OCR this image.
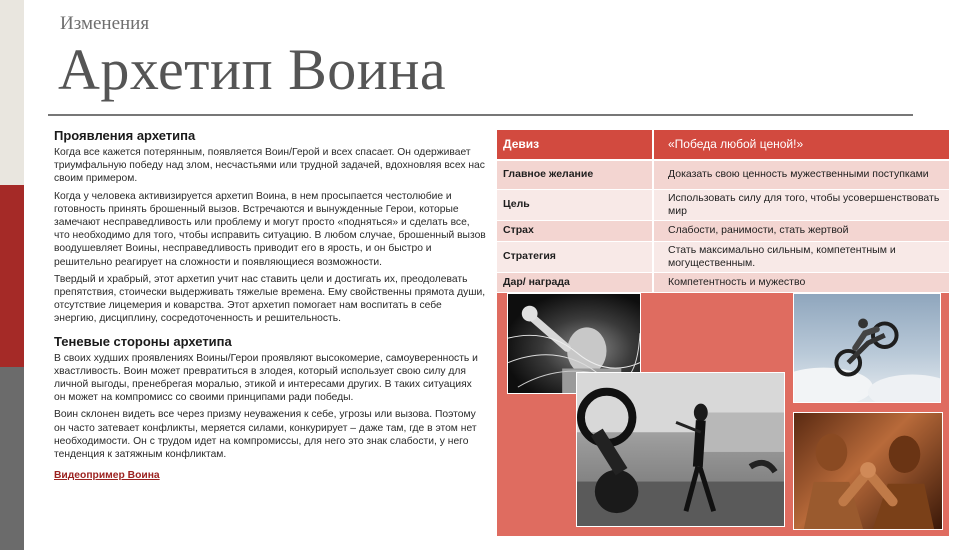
Изменения
Архетип Воина
Проявления архетипа

Когда все кажется потерянным, появляется Воин/Герой и всех спасает. Он одерживает триумфальную победу над злом, несчастьями или трудной задачей, вдохновляя всех нас своим примером.

Когда у человека активизируется архетип Воина, в нем просыпается честолюбие и готовность принять брошенный вызов. Встречаются и вынужденные Герои, которые замечают несправедливость или проблему и могут просто «подняться» и сделать все, что необходимо для того, чтобы исправить ситуацию. В любом случае, брошенный вызов воодушевляет Воины, несправедливость приводит его в ярость, и он быстро и решительно реагирует на сложности и появляющиеся возможности.

Твердый и храбрый, этот архетип учит нас ставить цели и достигать их, преодолевать препятствия, стоически выдерживать тяжелые времена. Ему свойственны прямота души, отсутствие лицемерия и коварства. Этот архетип помогает нам воспитать в себе энергию, дисциплину, сосредоточенность и решительность.

Теневые стороны архетипа

В своих худших проявлениях Воины/Герои проявляют высокомерие, самоуверенность и хвастливость. Воин может превратиться в злодея, который использует свою силу для личной выгоды, пренебрегая моралью, этикой и интересами других. В таких ситуациях он может на компромисс со своими принципами ради победы.

Воин склонен видеть все через призму неуважения к себе, угрозы или вызова. Поэтому он часто затевает конфликты, меряется силами, конкурирует – даже там, где в этом нет необходимости. Он с трудом идет на компромиссы, для него это знак слабости, у него тенденция к затяжным конфликтам.

Видеопример Воина
Девиз	«Победа любой ценой!»
Главное желание	Доказать свою ценность мужественными поступками
Цель	Использовать силу для того, чтобы усовершенствовать мир
Страх	Слабости, ранимости, стать жертвой
Стратегия	Стать максимально сильным, компетентным и могущественным.
Дар/ награда	Компетентность и мужество
